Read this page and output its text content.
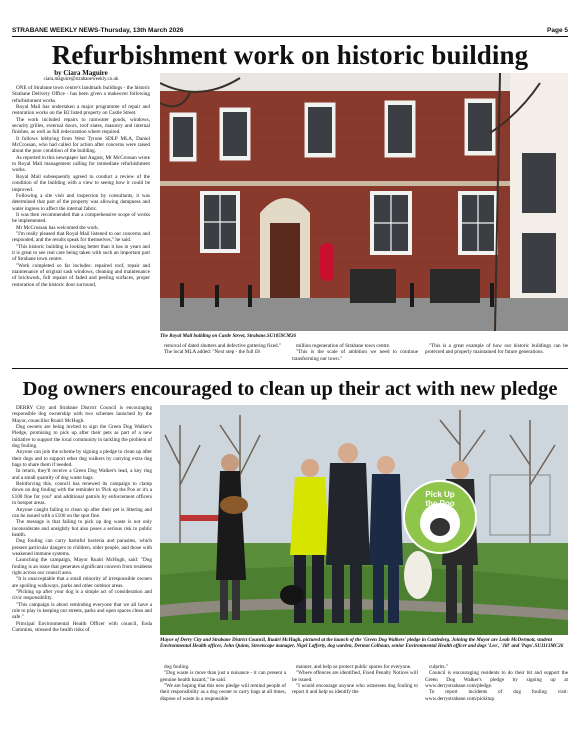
STRABANE WEEKLY NEWS-Thursday, 13th March 2026	Page 5
Refurbishment work on historic building
by Ciara Maguire
ciara.maguire@strabaneweekly.co.uk

ONE of Strabane town centre's landmark buildings - the historic Strabane Delivery Office - has been given a makeover following refurbishment works.

Royal Mail has undertaken a major programme of repair and restoration works on the B2 listed property on Castle Street.

The work included repairs to rainwater goods, windows, security grilles, external doors, roof slates, masonry and internal finishes, as well as full redecoration where required.

It follows lobbying from West Tyrone SDLP MLA, Daniel McCrossan, who had called for action after concerns were raised about the poor condition of the building.

As reported in this newspaper last August, Mr McCrossan wrote to Royal Mail management calling for immediate refurbishment works.

Royal Mail subsequently agreed to conduct a review of the condition of the building with a view to seeing how it could be improved.

Following a site visit and inspection by consultants, it was determined that part of the property was allowing dampness and water ingress to affect the internal fabric.

It was then recommended that a comprehensive scope of works be implemented.

Mr McCrossan has welcomed the work.

"I'm really pleased that Royal Mail listened to our concerns and responded, and the results speak for themselves," he said.

"This historic building is looking better than it has in years and it is great to see real care being taken with such an important part of Strabane town centre.

"Work completed so far includes: repaired roof, repair and maintenance of original sash windows, cleaning and maintenance of brickwork, full repaint of faded and peeling surfaces, proper restoration of the historic door surround,

The Royal Mail building on Castle Street, Strabane.SU1059CM26

removal of dated shutters and defective guttering fixed."

The local MLA added: "Next step - the full £8

million regeneration of Strabane town centre.

"This is the scale of ambition we need to continue transforming our town."

"This is a great example of how our historic buildings can be protected and properly maintained for future generations.

Dog owners encouraged to clean up their act with new pledge

DERRY City and Strabane District Council is encouraging responsible dog ownership with two schemes launched by the Mayor, councillor Ruairi McHugh.

Dog owners are being invited to sign the Green Dog Walker's Pledge, promising to pick up after their pets as part of a new initiative to support the local community in tackling the problem of dog fouling.

Anyone can join the scheme by signing a pledge to clean up after their dogs and to support other dog walkers by carrying extra dog bags to share them if needed.

In return, they'll receive a Green Dog Walker's lead, a key ring and a small quantity of dog waste bags.

Reinforcing this, council has renewed its campaign to clamp down on dog fouling with the reminder to 'Pick up the Poo or it's a £100 fine for you!' and additional patrols by enforcement officers in hotspot areas.

Anyone caught failing to clean up after their pet is littering and can be issued with a £100 on the spot fine.

The message is that failing to pick up dog waste is not only inconsiderate and unsightly but also poses a serious risk to public health.

Dog fouling can carry harmful bacteria and parasites, which present particular dangers to children, older people, and those with weakened immune systems.

Launching the campaign, Mayor Ruairi McHugh, said: "Dog fouling is an issue that generates significant concern from residents right across our council area.

"It is unacceptable that a small minority of irresponsible owners are spoiling walkways, parks and other outdoor areas.

"Picking up after your dog is a simple act of consideration and civic responsibility.

"This campaign is about reminding everyone that we all have a role to play in keeping our streets, parks and open spaces clean and safe."

Principal Environmental Health Officer with council, Eoda Cummins, stressed the health risks of

Pick Up
the Poo
Mayor of Derry City and Strabane District Council, Ruairi McHugh, pictured at the launch of the 'Green Dog Walkers' pledge in Castlederg. Joining the Mayor are Leah McDermott, student Environmental Health officer, John Quinn, Streetscape manager, Nigel Lafferty, dog warden, Dermot Colhoun, senior Environmental Health officer and dogs 'Leo', 'Jill' and 'Paps'.SU1113MC26

dog fouling.

"Dog waste is more than just a nuisance - it can present a genuine health hazard," he said.

"We are hoping that this new pledge will remind people of their responsibility as a dog owner to carry bags at all times, dispose of waste in a responsible

manner, and help us protect public spaces for everyone.

"Where offences are identified, Fixed Penalty Notices will be issued.

"I would encourage anyone who witnesses dog fouling to report it and help us identify the

culprits."

Council is encouraging residents to do their bit and support the Green Dog Walker's pledge by signing up at www.derrystrabane.com/pledge.

To report incidents of dog fouling visit: www.derrystrabane.com/pickitup
